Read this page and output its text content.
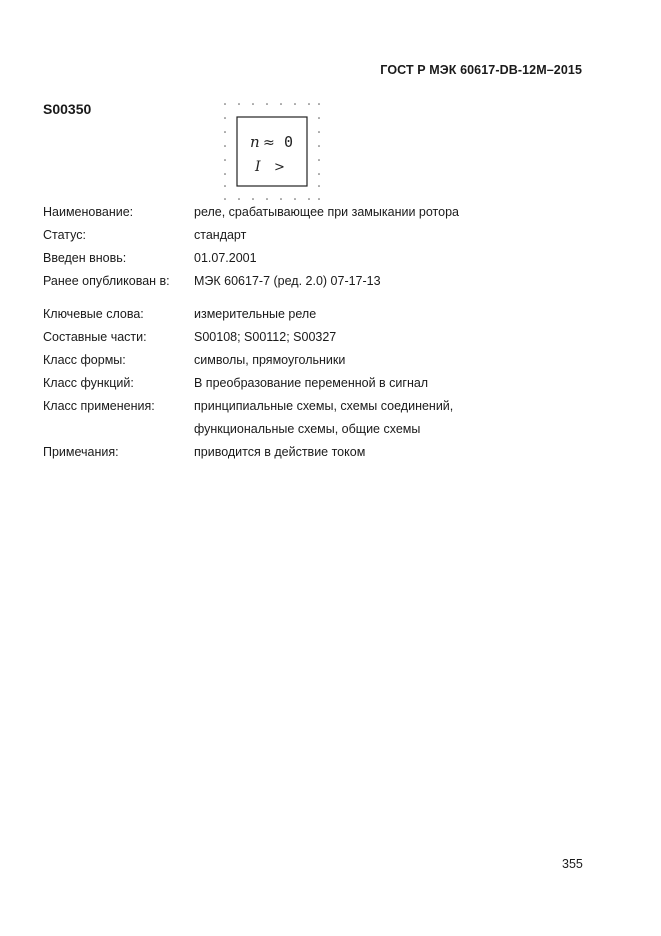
ГОСТ Р МЭК 60617-DB-12M–2015
S00350
n ≈ 0
I >
Наименование:	реле, срабатывающее при замыкании ротора
Статус:	стандарт
Введен вновь:	01.07.2001
Ранее опубликован в: МЭК 60617-7 (ред. 2.0) 07-17-13
Ключевые слова:	измерительные реле
Составные части:	S00108; S00112; S00327
Класс формы:	символы, прямоугольники
Класс функций:	B преобразование переменной в сигнал
Класс применения:	принципиальные схемы, схемы соединений,
функциональные схемы, общие схемы
Примечания:	приводится в действие током
355
